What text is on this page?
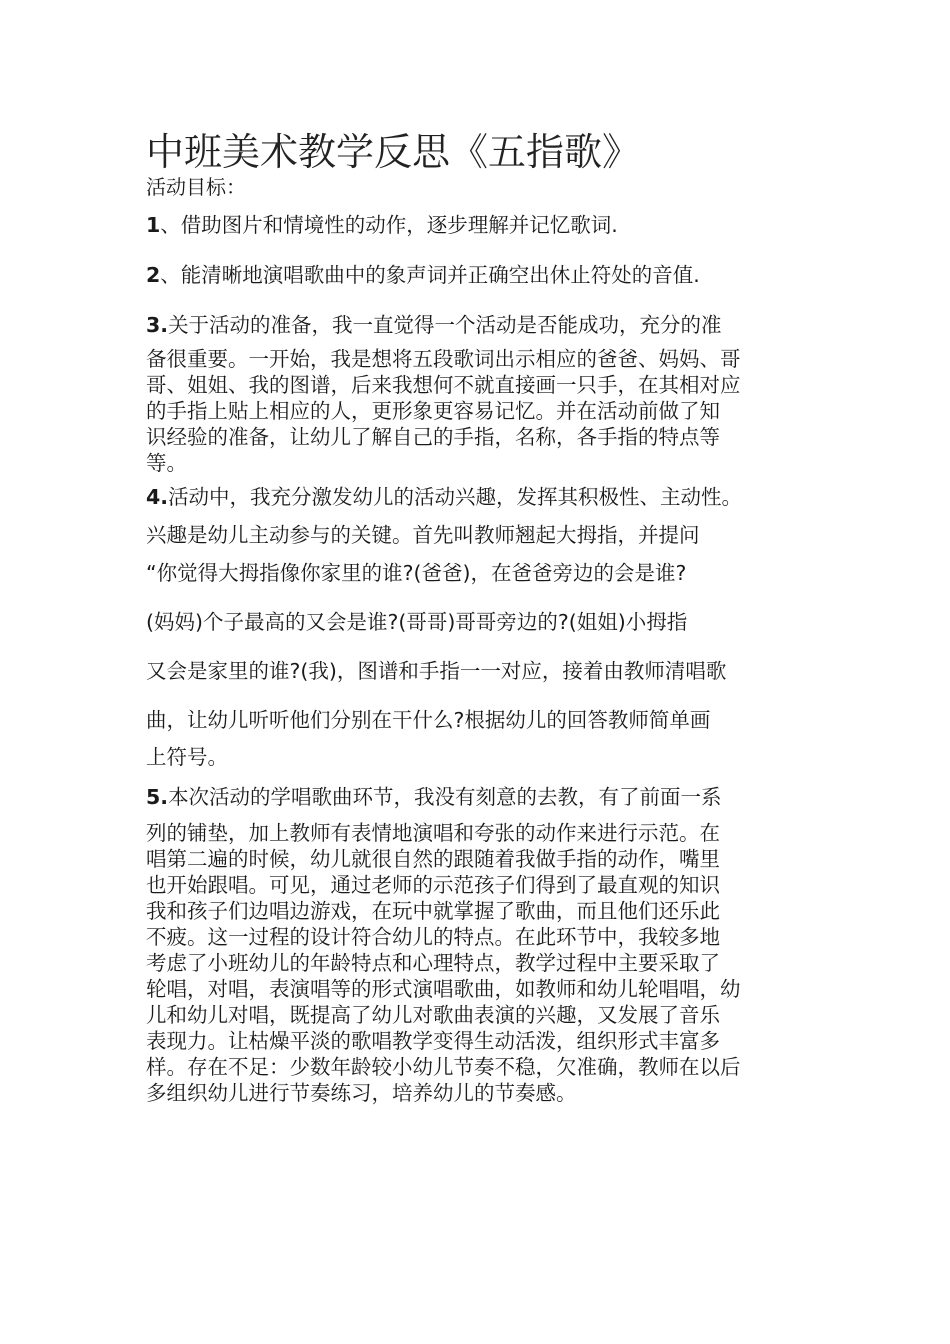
中班美术教学反思《五指歌》
活动目标：
1、借助图片和情境性的动作，逐步理解并记忆歌词.
2、能清晰地演唱歌曲中的象声词并正确空出休止符处的音值.
3.关于活动的准备，我一直觉得一个活动是否能成功，充分的准
备很重要。一开始，我是想将五段歌词出示相应的爸爸、妈妈、哥
哥、姐姐、我的图谱，后来我想何不就直接画一只手，在其相对应
的手指上贴上相应的人，更形象更容易记忆。并在活动前做了知
识经验的准备，让幼儿了解自己的手指，名称，各手指的特点等
等。
4.活动中，我充分激发幼儿的活动兴趣，发挥其积极性、主动性。
兴趣是幼儿主动参与的关键。首先叫教师翘起大拇指，并提问
“你觉得大拇指像你家里的谁?(爸爸)，在爸爸旁边的会是谁?
(妈妈)个子最高的又会是谁?(哥哥)哥哥旁边的?(姐姐)小拇指
又会是家里的谁?(我)，图谱和手指一一对应，接着由教师清唱歌
曲，让幼儿听听他们分别在干什么?根据幼儿的回答教师简单画
上符号。
5.本次活动的学唱歌曲环节，我没有刻意的去教，有了前面一系
列的铺垫，加上教师有表情地演唱和夸张的动作来进行示范。在
唱第二遍的时候，幼儿就很自然的跟随着我做手指的动作，嘴里
也开始跟唱。可见，通过老师的示范孩子们得到了最直观的知识
我和孩子们边唱边游戏，在玩中就掌握了歌曲，而且他们还乐此
不疲。这一过程的设计符合幼儿的特点。在此环节中，我较多地
考虑了小班幼儿的年龄特点和心理特点，教学过程中主要采取了
轮唱，对唱，表演唱等的形式演唱歌曲，如教师和幼儿轮唱唱，幼
儿和幼儿对唱，既提高了幼儿对歌曲表演的兴趣，又发展了音乐
表现力。让枯燥平淡的歌唱教学变得生动活泼，组织形式丰富多
样。存在不足：少数年龄较小幼儿节奏不稳，欠准确，教师在以后
多组织幼儿进行节奏练习，培养幼儿的节奏感。
